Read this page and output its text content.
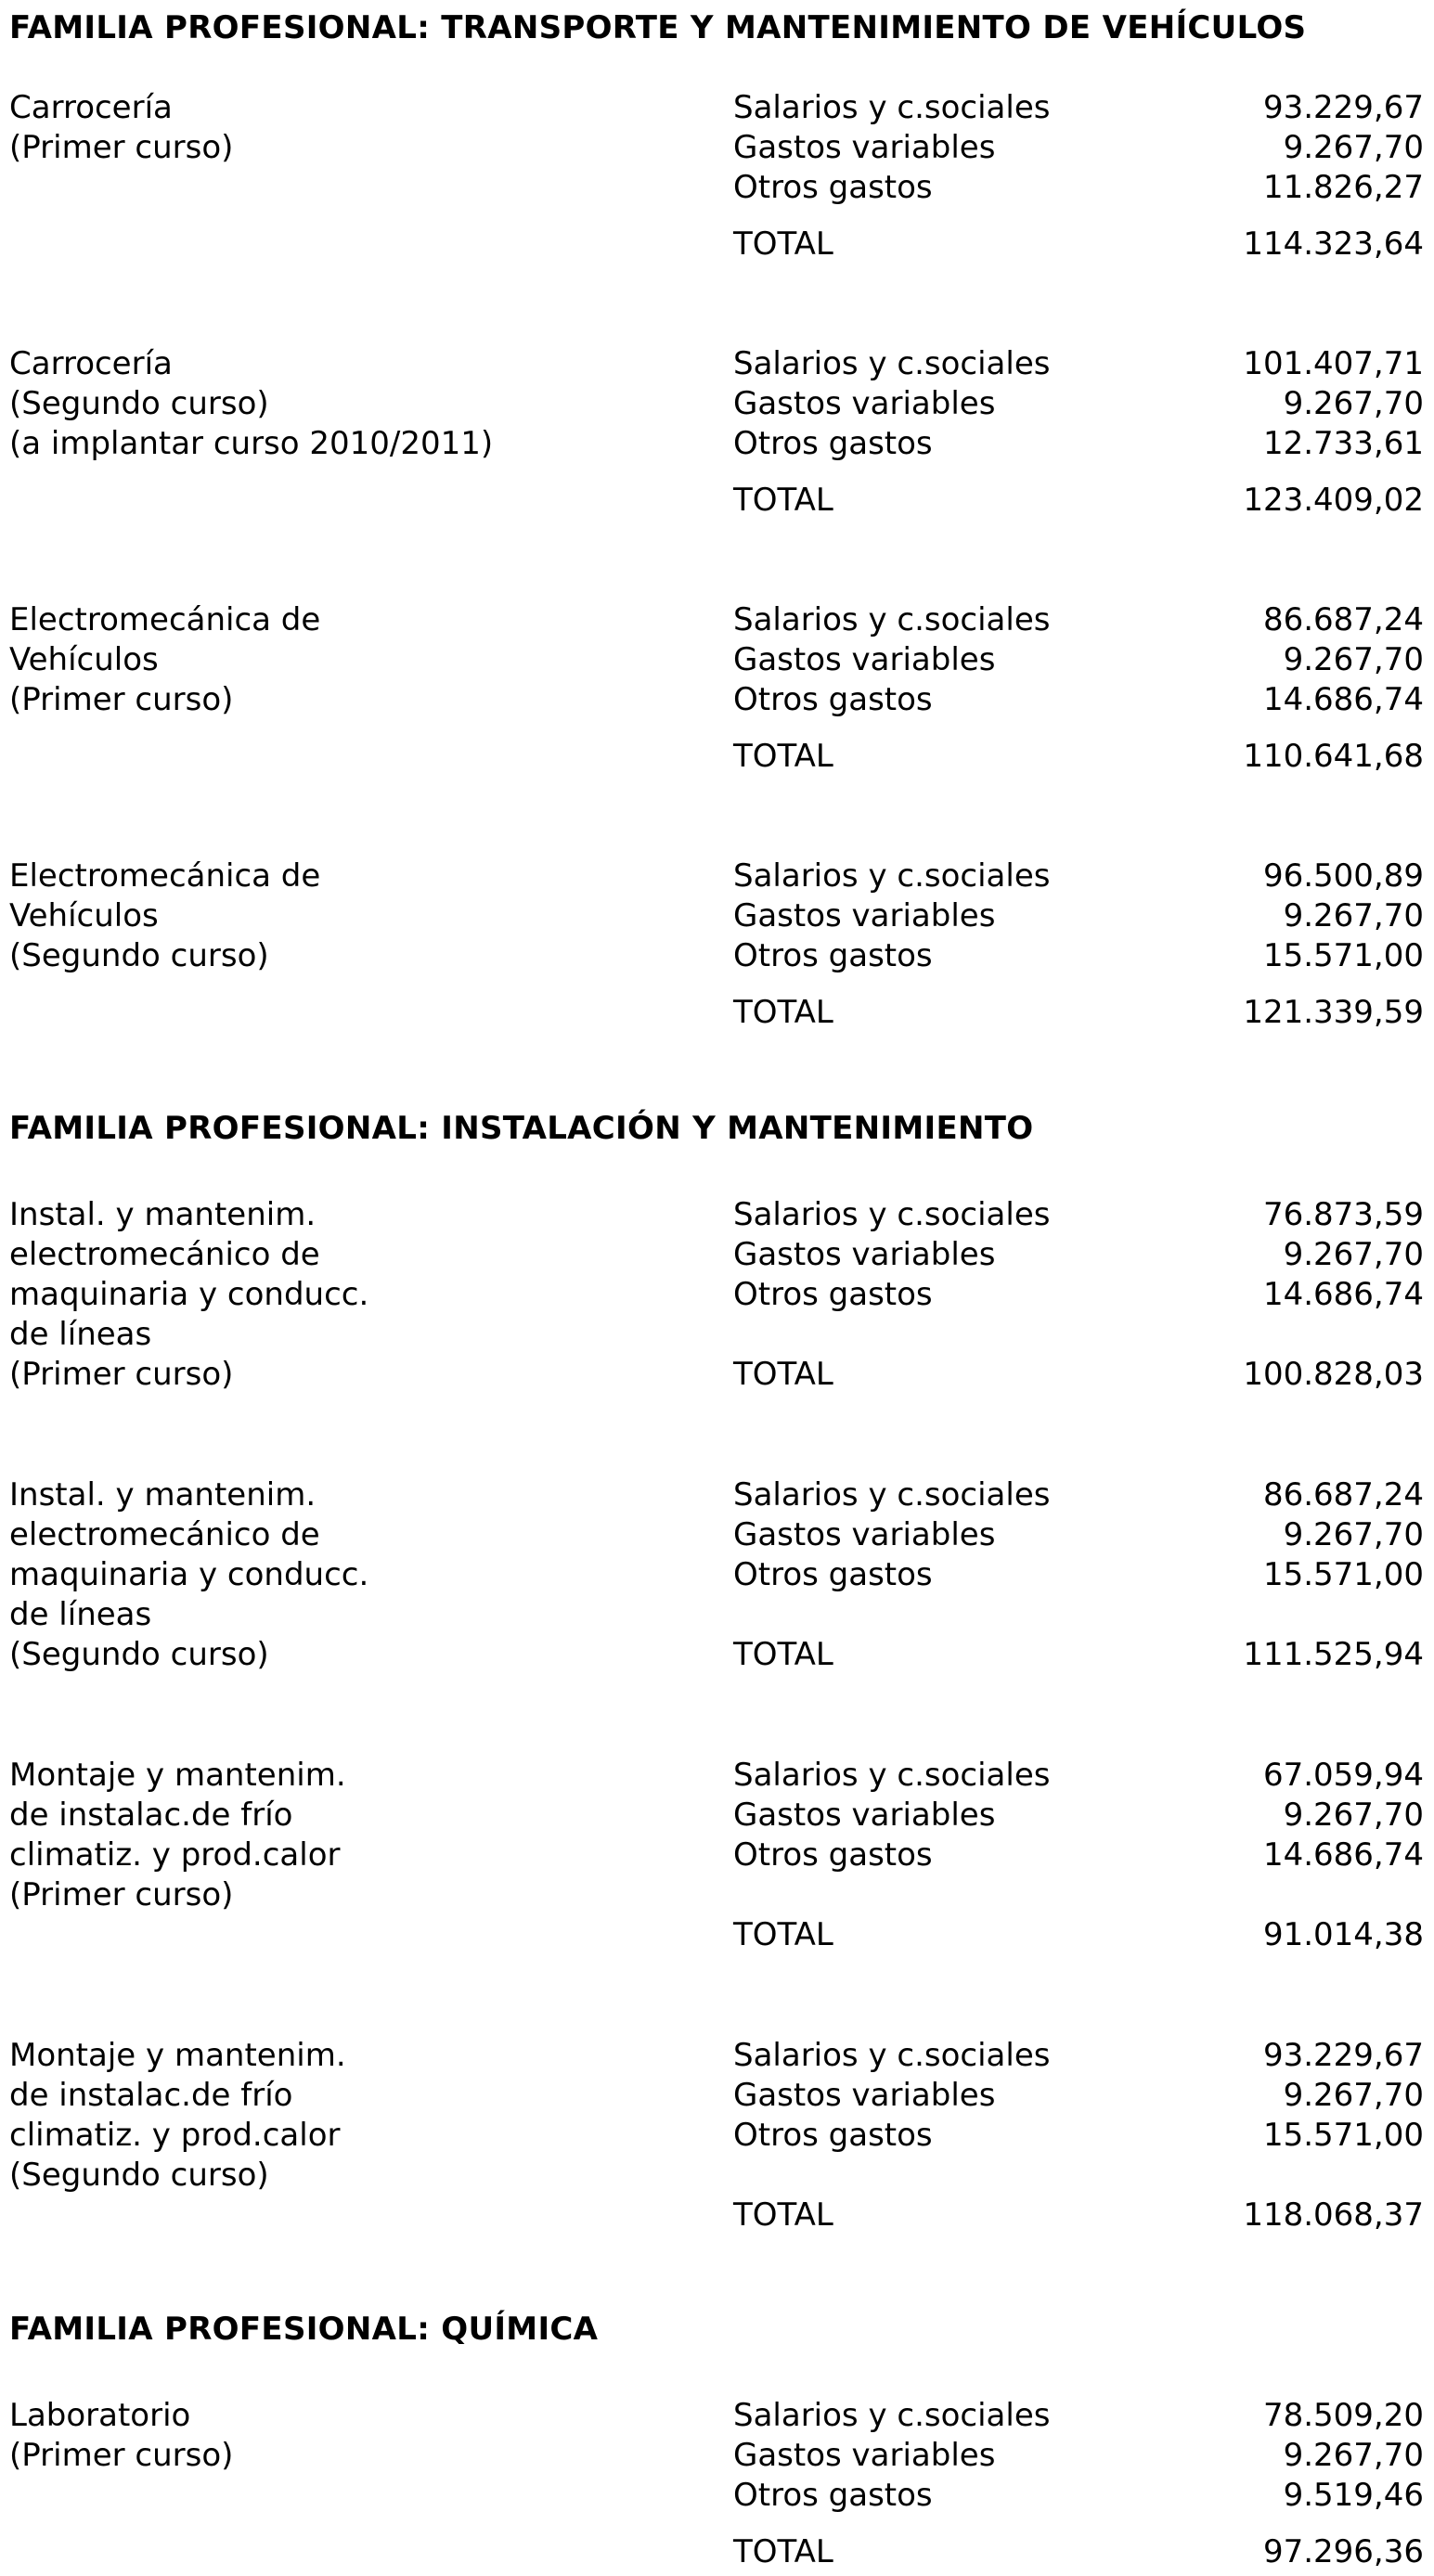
FAMILIA PROFESIONAL: TRANSPORTE Y MANTENIMIENTO DE VEHÍCULOS
Carrocería
(Primer curso)
Salarios y c.sociales	93.229,67
Gastos variables	9.267,70
Otros gastos	11.826,27
TOTAL	114.323,64
Carrocería
(Segundo curso)
(a implantar curso 2010/2011)
Salarios y c.sociales	101.407,71
Gastos variables	9.267,70
Otros gastos	12.733,61
TOTAL	123.409,02
Electromecánica de
Vehículos
(Primer curso)
Salarios y c.sociales	86.687,24
Gastos variables	9.267,70
Otros gastos	14.686,74
TOTAL	110.641,68
Electromecánica de
Vehículos
(Segundo curso)
Salarios y c.sociales	96.500,89
Gastos variables	9.267,70
Otros gastos	15.571,00
TOTAL	121.339,59
FAMILIA PROFESIONAL: INSTALACIÓN Y MANTENIMIENTO
Instal. y mantenim.
electromecánico de
maquinaria y conducc.
de líneas
(Primer curso)
Salarios y c.sociales	76.873,59
Gastos variables	9.267,70
Otros gastos	14.686,74
TOTAL	100.828,03
Instal. y mantenim.
electromecánico de
maquinaria y conducc.
de líneas
(Segundo curso)
Salarios y c.sociales	86.687,24
Gastos variables	9.267,70
Otros gastos	15.571,00
TOTAL	111.525,94
Montaje y mantenim.
de instalac.de frío
climatiz. y prod.calor
(Primer curso)
Salarios y c.sociales	67.059,94
Gastos variables	9.267,70
Otros gastos	14.686,74
TOTAL	91.014,38
Montaje y mantenim.
de instalac.de frío
climatiz. y prod.calor
(Segundo curso)
Salarios y c.sociales	93.229,67
Gastos variables	9.267,70
Otros gastos	15.571,00
TOTAL	118.068,37
FAMILIA PROFESIONAL: QUÍMICA
Laboratorio
(Primer curso)
Salarios y c.sociales	78.509,20
Gastos variables	9.267,70
Otros gastos	9.519,46
TOTAL	97.296,36
